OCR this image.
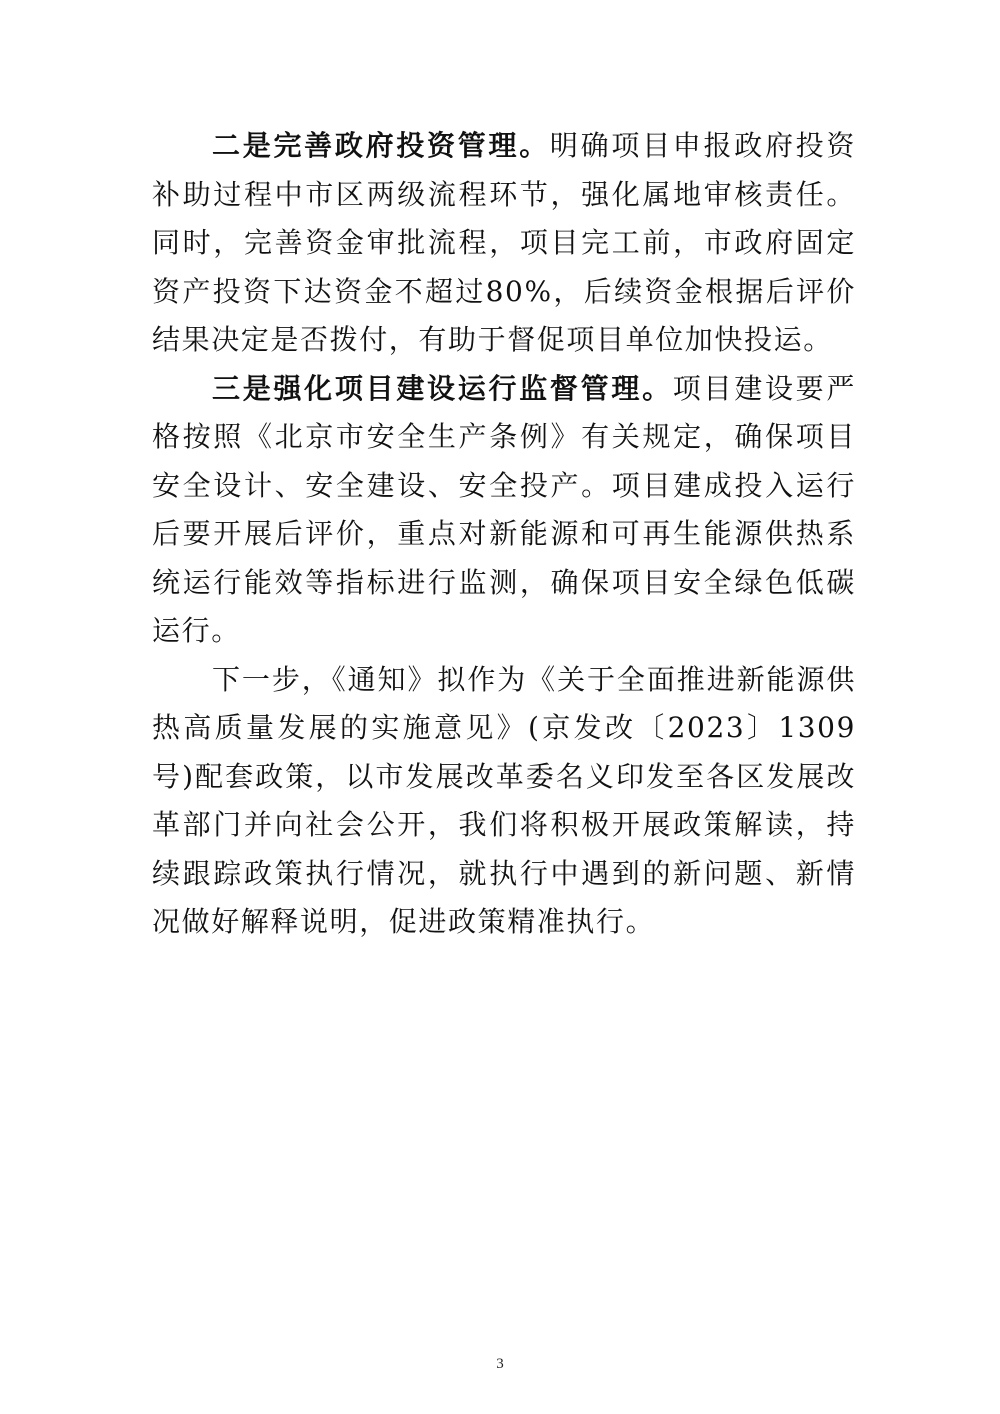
二是完善政府投资管理。明确项目申报政府投资补助过程中市区两级流程环节，强化属地审核责任。同时，完善资金审批流程，项目完工前，市政府固定资产投资下达资金不超过80%，后续资金根据后评价结果决定是否拨付，有助于督促项目单位加快投运。

三是强化项目建设运行监督管理。项目建设要严格按照《北京市安全生产条例》有关规定，确保项目安全设计、安全建设、安全投产。项目建成投入运行后要开展后评价，重点对新能源和可再生能源供热系统运行能效等指标进行监测，确保项目安全绿色低碳运行。

下一步，《通知》拟作为《关于全面推进新能源供热高质量发展的实施意见》(京发改〔2023〕1309号)配套政策，以市发展改革委名义印发至各区发展改革部门并向社会公开，我们将积极开展政策解读，持续跟踪政策执行情况，就执行中遇到的新问题、新情况做好解释说明，促进政策精准执行。

3
